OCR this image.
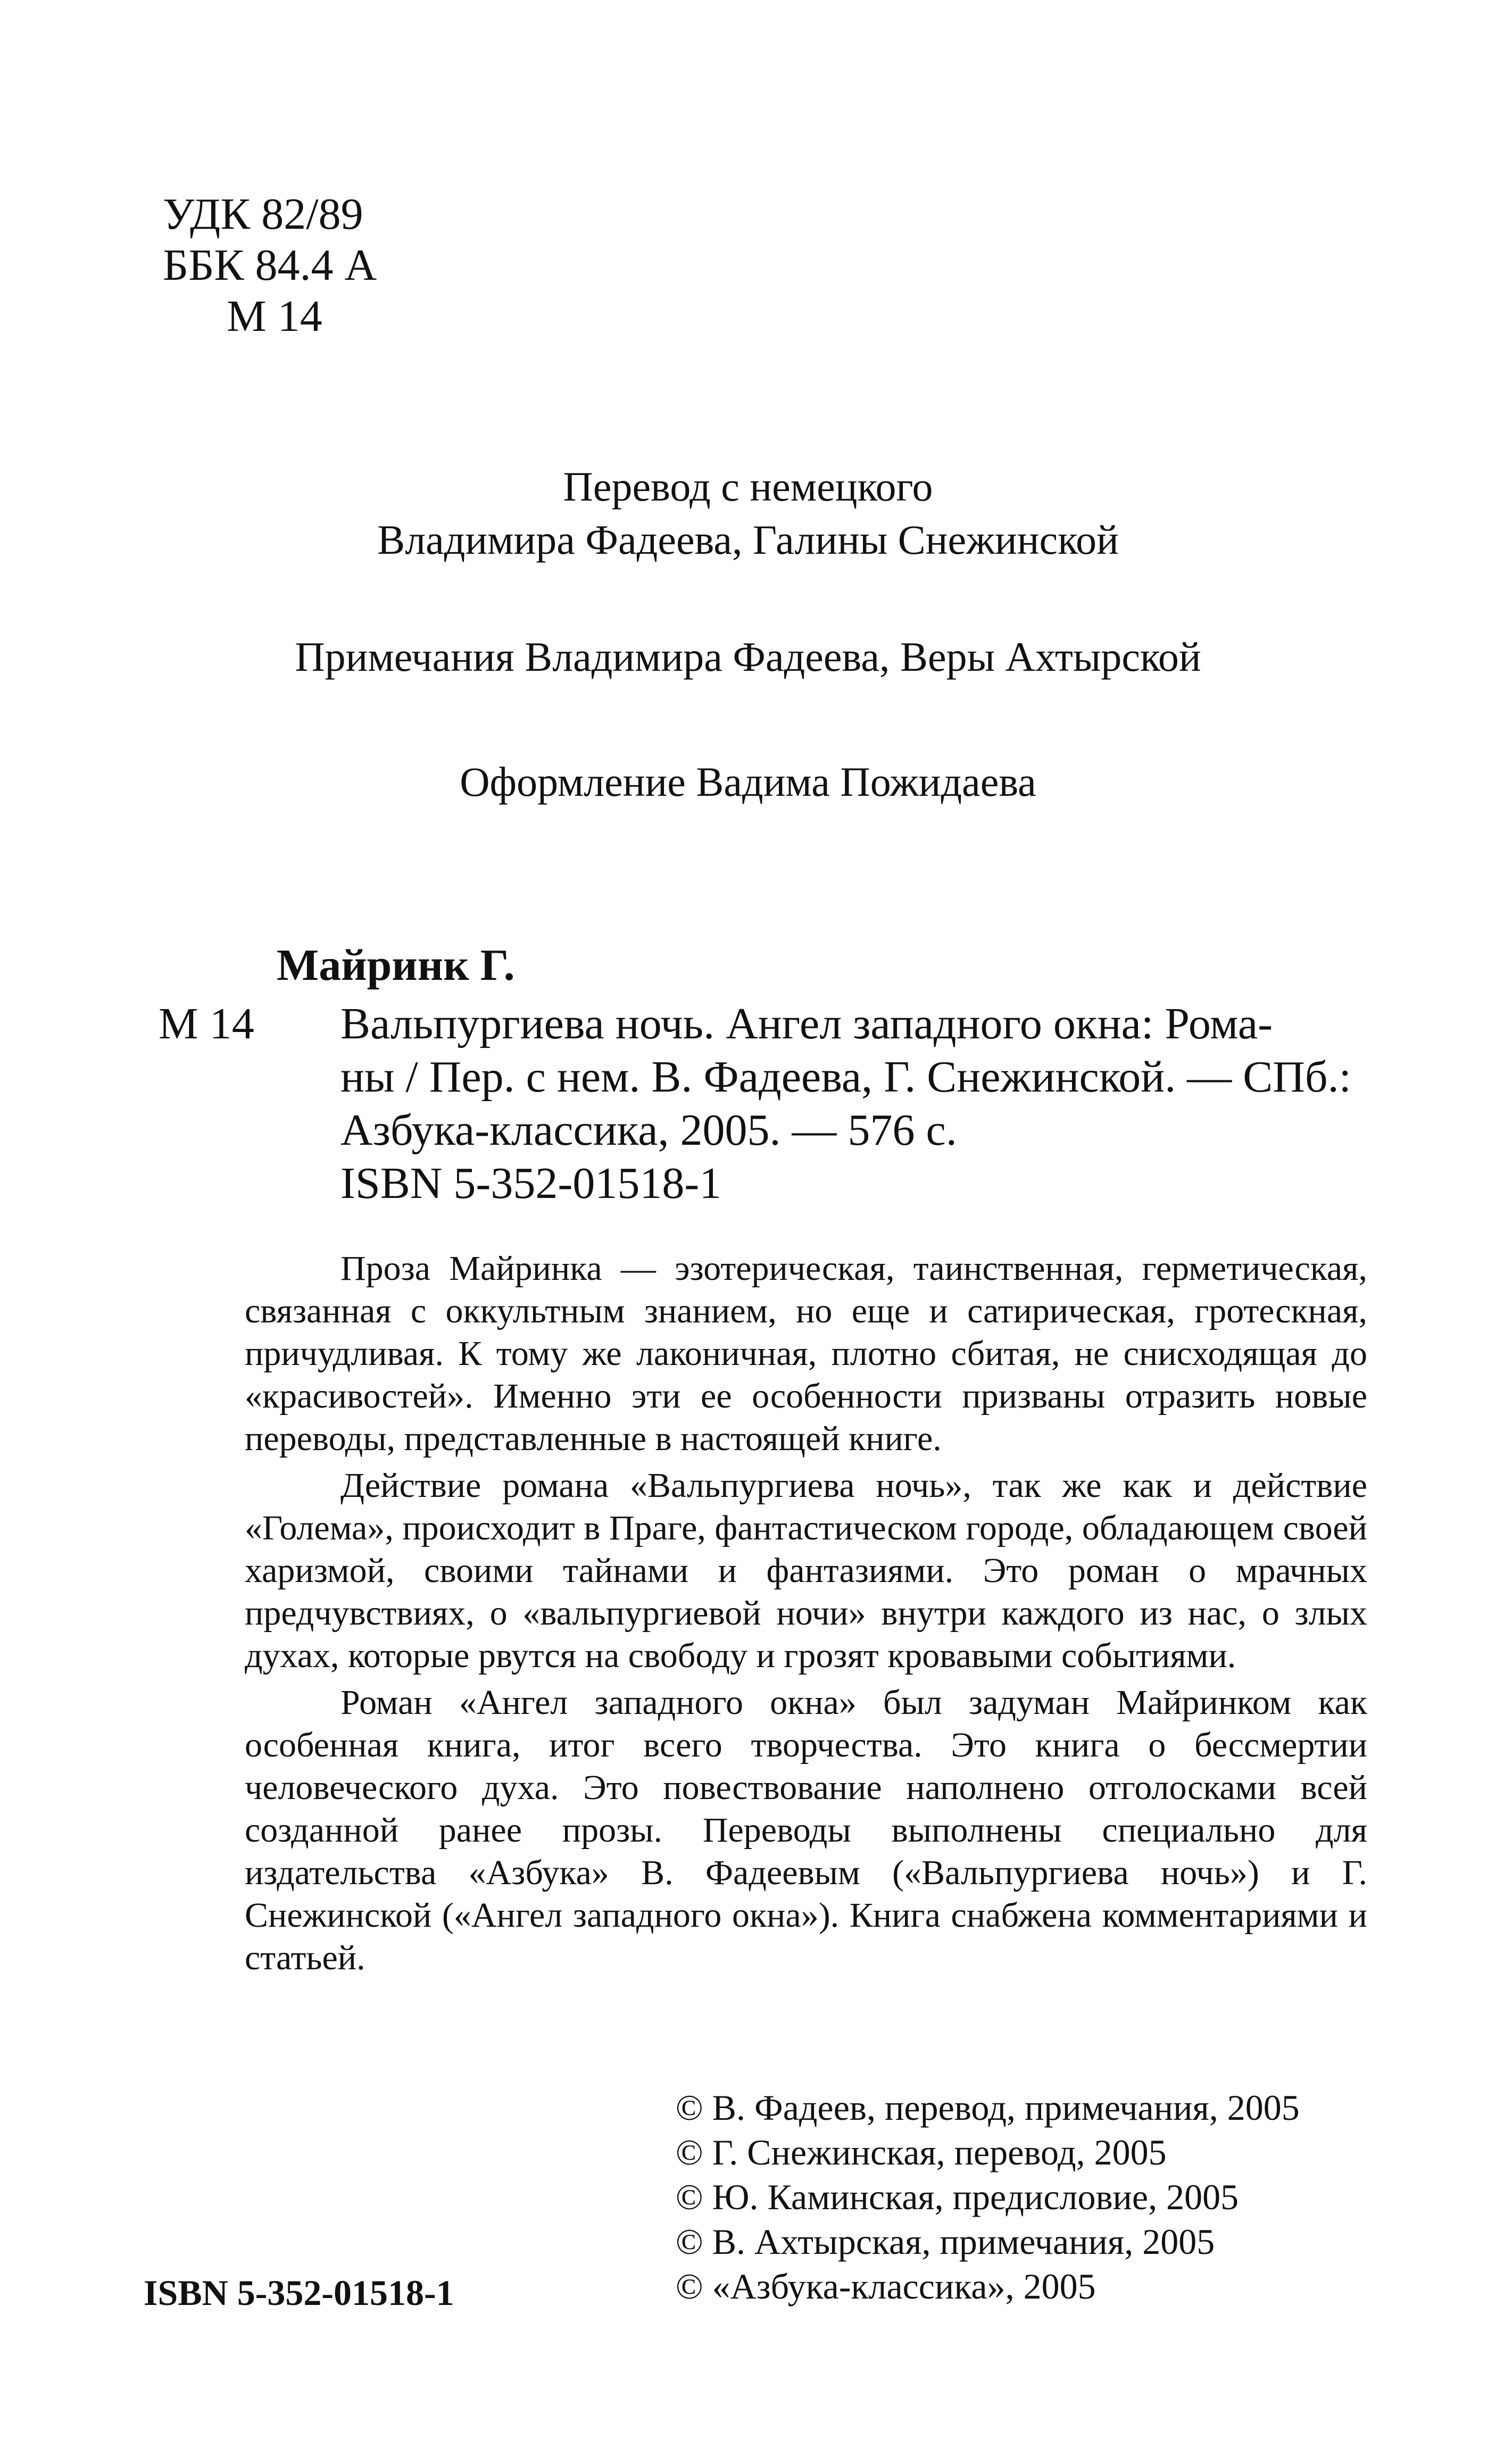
УДК 82/89
ББК 84.4 А
М 14
Перевод с немецкого
Владимира Фадеева, Галины Снежинской
Примечания Владимира Фадеева, Веры Ахтырской
Оформление Вадима Пожидаева
Майринк Г.
М 14 Вальпургиева ночь. Ангел западного окна: Рома-
ны / Пер. с нем. В. Фадеева, Г. Снежинской. — СПб.:
Азбука-классика, 2005. — 576 с.
ISBN 5-352-01518-1

Проза Майринка — эзотерическая, таинственная, герметическая, связанная с оккультным знанием, но еще и сатирическая, гротескная, причудливая. К тому же лаконичная, плотно сбитая, не снисходящая до «красивостей». Именно эти ее особенности призваны отразить новые переводы, представленные в настоящей книге.

Действие романа «Вальпургиева ночь», так же как и действие «Голема», происходит в Праге, фантастическом городе, обладающем своей харизмой, своими тайнами и фантазиями. Это роман о мрачных предчувствиях, о «вальпургиевой ночи» внутри каждого из нас, о злых духах, которые рвутся на свободу и грозят кровавыми событиями.

Роман «Ангел западного окна» был задуман Майринком как особенная книга, итог всего творчества. Это книга о бессмертии человеческого духа. Это повествование наполнено отголосками всей созданной ранее прозы. Переводы выполнены специально для издательства «Азбука» В. Фадеевым («Вальпургиева ночь») и Г. Снежинской («Ангел западного окна»). Книга снабжена комментариями и статьей.

ISBN 5-352-01518-1
© В. Фадеев, перевод, примечания, 2005
© Г. Снежинская, перевод, 2005
© Ю. Каминская, предисловие, 2005
© В. Ахтырская, примечания, 2005
© «Азбука-классика», 2005
